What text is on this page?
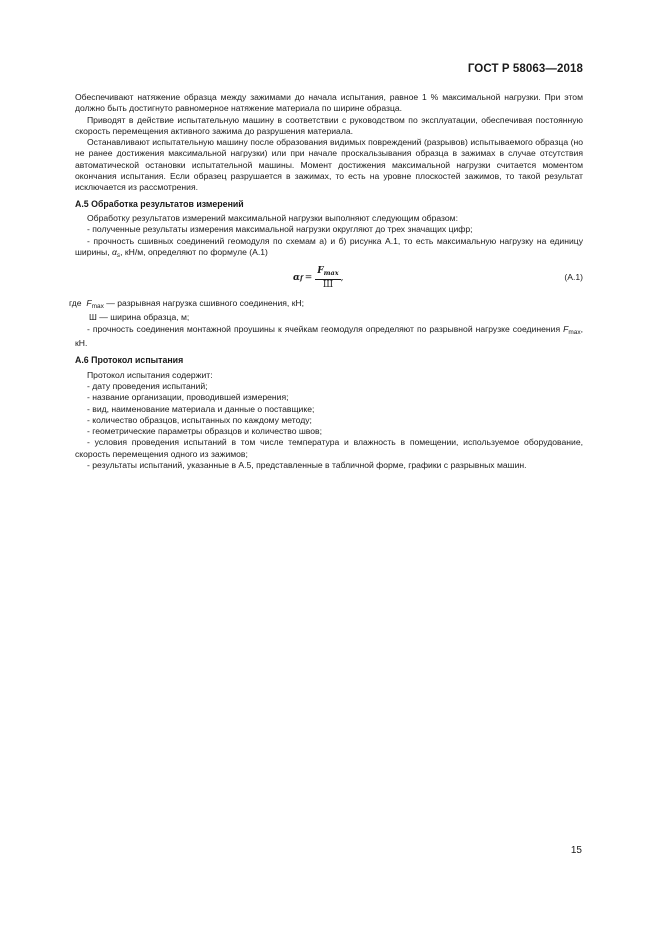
ГОСТ Р 58063—2018

Обеспечивают натяжение образца между зажимами до начала испытания, равное 1 % максимальной нагрузки. При этом должно быть достигнуто равномерное натяжение материала по ширине образца.

Приводят в действие испытательную машину в соответствии с руководством по эксплуатации, обеспечивая постоянную скорость перемещения активного зажима до разрушения материала.

Останавливают испытательную машину после образования видимых повреждений (разрывов) испытываемого образца (но не ранее достижения максимальной нагрузки) или при начале проскальзывания образца в зажимах в случае отсутствия автоматической остановки испытательной машины. Момент достижения максимальной нагрузки считается моментом окончания испытания. Если образец разрушается в зажимах, то есть на уровне плоскостей зажимов, то такой результат исключается из рассмотрения.

А.5 Обработка результатов измерений

Обработку результатов измерений максимальной нагрузки выполняют следующим образом:

- полученные результаты измерения максимальной нагрузки округляют до трех значащих цифр;

- прочность сшивных соединений геомодуля по схемам а) и б) рисунка А.1, то есть максимальную нагрузку на единицу ширины, $\alpha_s$, кН/м, определяют по формуле (А.1)

α $f = \frac{F_{max}}{Ш}$ ,	(А.1)

где $F_{max}$ — разрывная нагрузка сшивного соединения, кН;

Ш — ширина образца, м;

- прочность соединения монтажной проушины к ячейкам геомодуля определяют по разрывной нагрузке соединения $F_{max}$, кН.

А.6 Протокол испытания

Протокол испытания содержит:

- дату проведения испытаний;

- название организации, проводившей измерения;

- вид, наименование материала и данные о поставщике;

- количество образцов, испытанных по каждому методу;

- геометрические параметры образцов и количество швов;

- условия проведения испытаний в том числе температура и влажность в помещении, используемое оборудование, скорость перемещения одного из зажимов;

- результаты испытаний, указанные в А.5, представленные в табличной форме, графики с разрывных машин.

15
